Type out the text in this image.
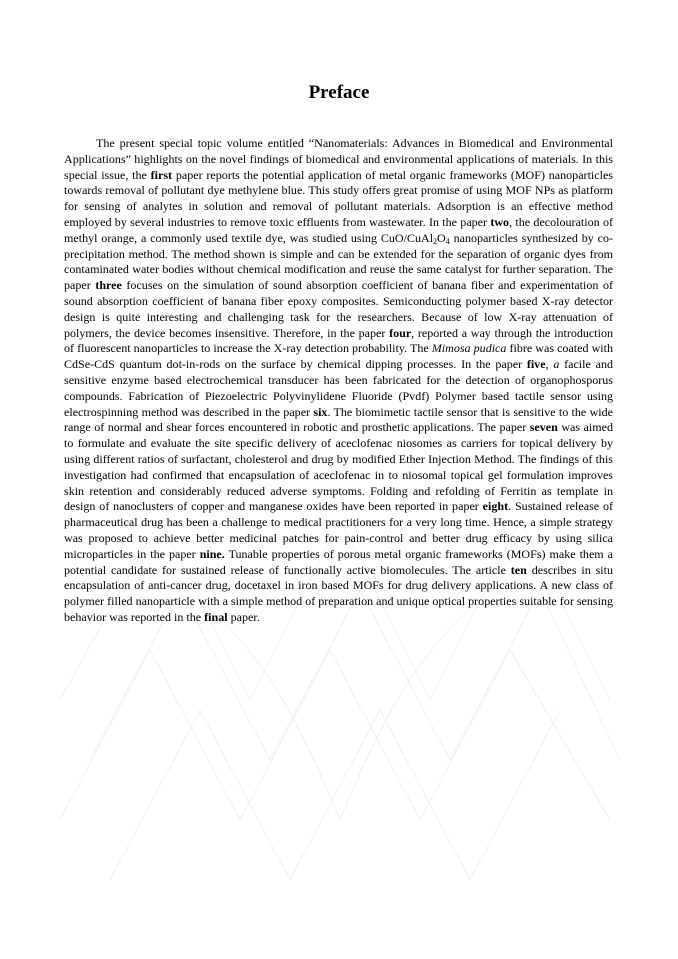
Preface

The present special topic volume entitled “Nanomaterials: Advances in Biomedical and Environmental Applications” highlights on the novel findings of biomedical and environmental applications of materials. In this special issue, the first paper reports the potential application of metal organic frameworks (MOF) nanoparticles towards removal of pollutant dye methylene blue. This study offers great promise of using MOF NPs as platform for sensing of analytes in solution and removal of pollutant materials. Adsorption is an effective method employed by several industries to remove toxic effluents from wastewater. In the paper two, the decolouration of methyl orange, a commonly used textile dye, was studied using CuO/$CuAl_2O_4$ nanoparticles synthesized by co-precipitation method. The method shown is simple and can be extended for the separation of organic dyes from contaminated water bodies without chemical modification and reuse the same catalyst for further separation. The paper three focuses on the simulation of sound absorption coefficient of banana fiber and experimentation of sound absorption coefficient of banana fiber epoxy composites. Semiconducting polymer based X-ray detector design is quite interesting and challenging task for the researchers. Because of low X-ray attenuation of polymers, the device becomes insensitive. Therefore, in the paper four, reported a way through the introduction of fluorescent nanoparticles to increase the X-ray detection probability. The Mimosa pudica fibre was coated with CdSe-CdS quantum dot-in-rods on the surface by chemical dipping processes. In the paper five, a facile and sensitive enzyme based electrochemical transducer has been fabricated for the detection of organophosporus compounds. Fabrication of Piezoelectric Polyvinylidene Fluoride (Pvdf) Polymer based tactile sensor using electrospinning method was described in the paper six. The biomimetic tactile sensor that is sensitive to the wide range of normal and shear forces encountered in robotic and prosthetic applications. The paper seven was aimed to formulate and evaluate the site specific delivery of aceclofenac niosomes as carriers for topical delivery by using different ratios of surfactant, cholesterol and drug by modified Ether Injection Method. The findings of this investigation had confirmed that encapsulation of aceclofenac in to niosomal topical gel formulation improves skin retention and considerably reduced adverse symptoms. Folding and refolding of Ferritin as template in design of nanoclusters of copper and manganese oxides have been reported in paper eight. Sustained release of pharmaceutical drug has been a challenge to medical practitioners for a very long time. Hence, a simple strategy was proposed to achieve better medicinal patches for pain-control and better drug efficacy by using silica microparticles in the paper nine. Tunable properties of porous metal organic frameworks (MOFs) make them a potential candidate for sustained release of functionally active biomolecules. The article ten describes in situ encapsulation of anti-cancer drug, docetaxel in iron based MOFs for drug delivery applications. A new class of polymer filled nanoparticle with a simple method of preparation and unique optical properties suitable for sensing behavior was reported in the final paper.
